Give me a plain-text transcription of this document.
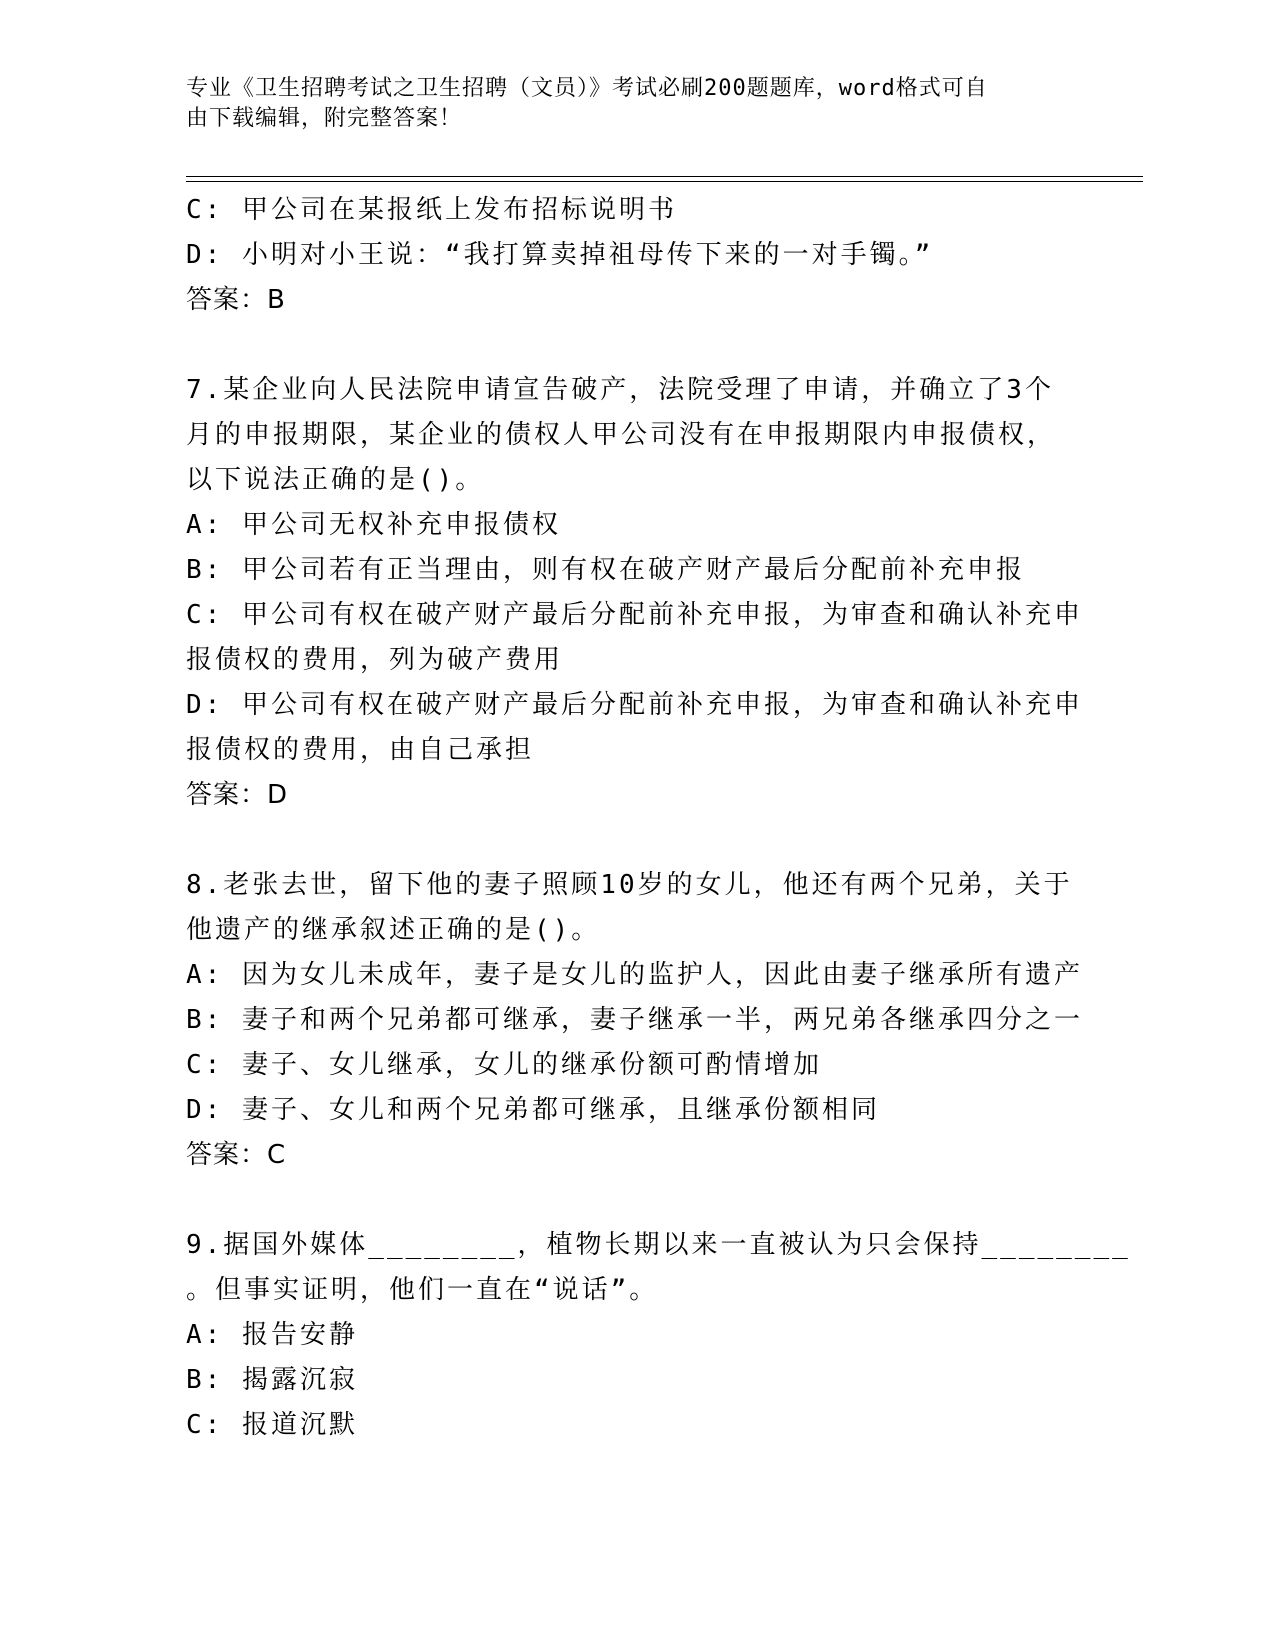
专业《卫生招聘考试之卫生招聘（文员）》考试必刷200题题库，word格式可自
由下载编辑，附完整答案！
C: 甲公司在某报纸上发布招标说明书
D: 小明对小王说：“我打算卖掉祖母传下来的一对手镯。”
答案：B
7.某企业向人民法院申请宣告破产，法院受理了申请，并确立了3个
月的申报期限，某企业的债权人甲公司没有在申报期限内申报债权，
以下说法正确的是()。
A: 甲公司无权补充申报债权
B: 甲公司若有正当理由，则有权在破产财产最后分配前补充申报
C: 甲公司有权在破产财产最后分配前补充申报，为审查和确认补充申
报债权的费用，列为破产费用
D: 甲公司有权在破产财产最后分配前补充申报，为审查和确认补充申
报债权的费用，由自己承担
答案：D
8.老张去世，留下他的妻子照顾10岁的女儿，他还有两个兄弟，关于
他遗产的继承叙述正确的是()。
A: 因为女儿未成年，妻子是女儿的监护人，因此由妻子继承所有遗产
B: 妻子和两个兄弟都可继承，妻子继承一半，两兄弟各继承四分之一
C: 妻子、女儿继承，女儿的继承份额可酌情增加
D: 妻子、女儿和两个兄弟都可继承，且继承份额相同
答案：C
9.据国外媒体________，植物长期以来一直被认为只会保持________
。但事实证明，他们一直在“说话”。
A: 报告安静
B: 揭露沉寂
C: 报道沉默
